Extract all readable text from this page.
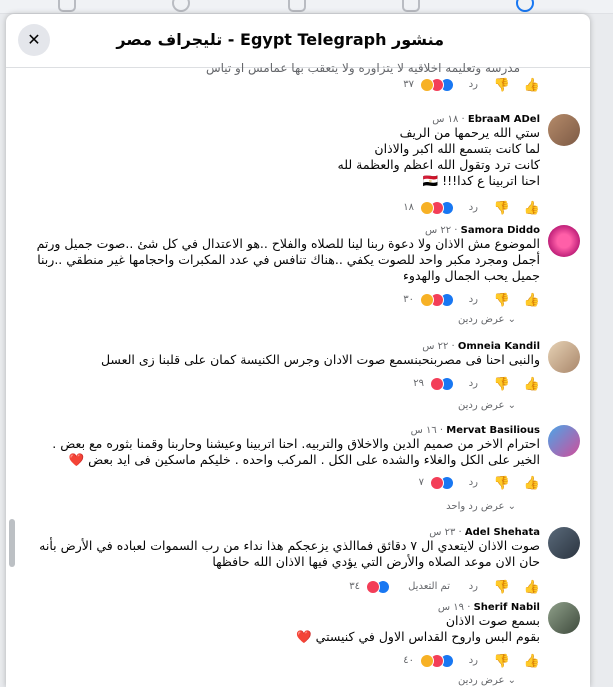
منشور Egypt Telegraph - تليجراف مصر
✕
مدرسه وتعليمه اخلاقيه لا يتزاوره ولا يتعقب بها عمامس او تياس
👍
👎
رد
٣٧
EbraaM ADel · ١٨ س
ستي الله يرحمها من الريف
لما كانت بتسمع الله اكبر والاذان
كانت ترد وتقول الله اعظم والعظمة لله
احنا اتربينا ع كدا!!! 🇪🇬
👍
👎
رد
١٨
Samora Diddo · ٢٢ س
الموضوع مش الاذان ولا دعوة ربنا لينا للصلاه والفلاح ..هو الاعتدال في كل شئ ..صوت جميل ورتم
أجمل ومجرد مكبر واحد للصوت يكفي ..هناك تنافس في عدد المكبرات واحجامها غير منطقي ..ربنا
جميل يحب الجمال والهدوء
👍
👎
رد
٣٠
⌄ عرض ردين
Omneia Kandil · ٢٢ س
والنبى احنا فى مصربنحبنسمع صوت الادان وجرس الكنيسة كمان على قلبنا زى العسل
👍
👎
رد
٢٩
⌄ عرض ردين
Mervat Basilious · ١٦ س
احترام الاخر من صميم الدين والاخلاق والتربيه. احنا اتربينا وعيشنا وحاربنا وقمنا بثوره مع بعض .
الخير على الكل والغلاء والشده على الكل . المركب واحده . خليكم ماسكين فى ايد بعض ❤️
👍
👎
رد
٧
⌄ عرض رد واحد
Adel Shehata · ٢٣ س
صوت الاذان لايتعدي ال ٧ دقائق فماالذي يزعجكم هذا نداء من رب السموات لعباده في الأرض بأنه
حان الان موعد الصلاه والأرض التي يؤدي فيها الاذان الله حافظها
👍
👎
رد
تم التعديل
٣٤
Sherif Nabil · ١٩ س
بسمع صوت الاذان
بقوم البس واروح القداس الاول في كنيستي ❤️
👍
👎
رد
٤٠
⌄ عرض ردين
